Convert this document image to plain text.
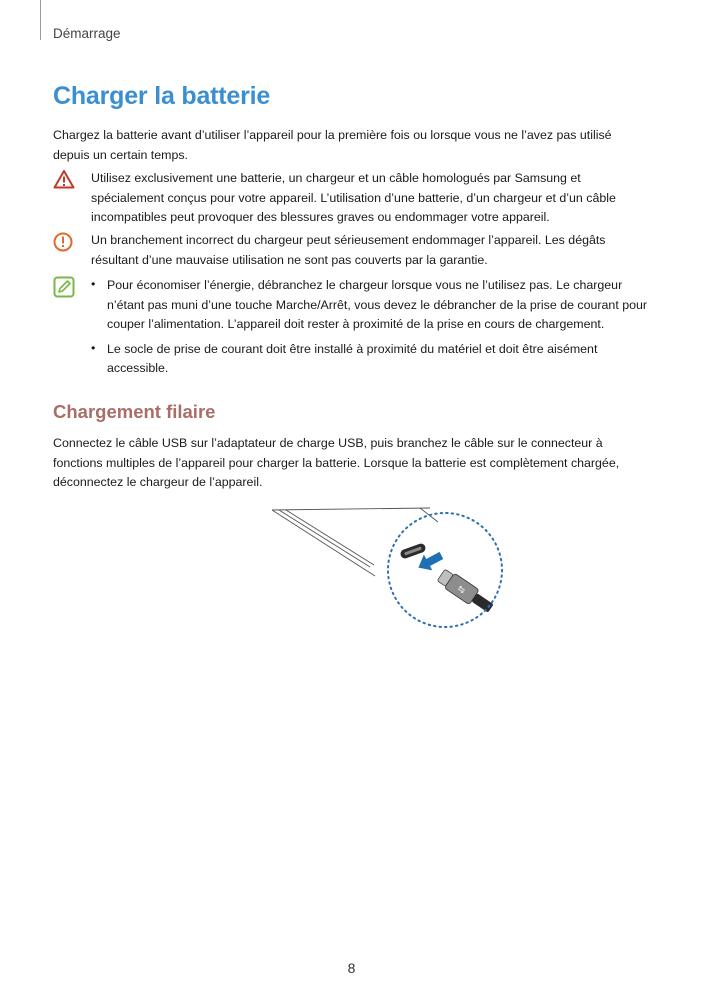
Démarrage
Charger la batterie

Chargez la batterie avant d’utiliser l’appareil pour la première fois ou lorsque vous ne l’avez pas utilisé depuis un certain temps.

Utilisez exclusivement une batterie, un chargeur et un câble homologués par Samsung et spécialement conçus pour votre appareil. L’utilisation d’une batterie, d’un chargeur et d’un câble incompatibles peut provoquer des blessures graves ou endommager votre appareil.
Un branchement incorrect du chargeur peut sérieusement endommager l’appareil. Les dégâts résultant d’une mauvaise utilisation ne sont pas couverts par la garantie.
• Pour économiser l’énergie, débranchez le chargeur lorsque vous ne l’utilisez pas. Le chargeur n’étant pas muni d’une touche Marche/Arrêt, vous devez le débrancher de la prise de courant pour couper l’alimentation. L’appareil doit rester à proximité de la prise en cours de chargement.
• Le socle de prise de courant doit être installé à proximité du matériel et doit être aisément accessible.
Chargement filaire

Connectez le câble USB sur l’adaptateur de charge USB, puis branchez le câble sur le connecteur à fonctions multiples de l’appareil pour charger la batterie. Lorsque la batterie est complètement chargée, déconnectez le chargeur de l’appareil.

⇆
8
